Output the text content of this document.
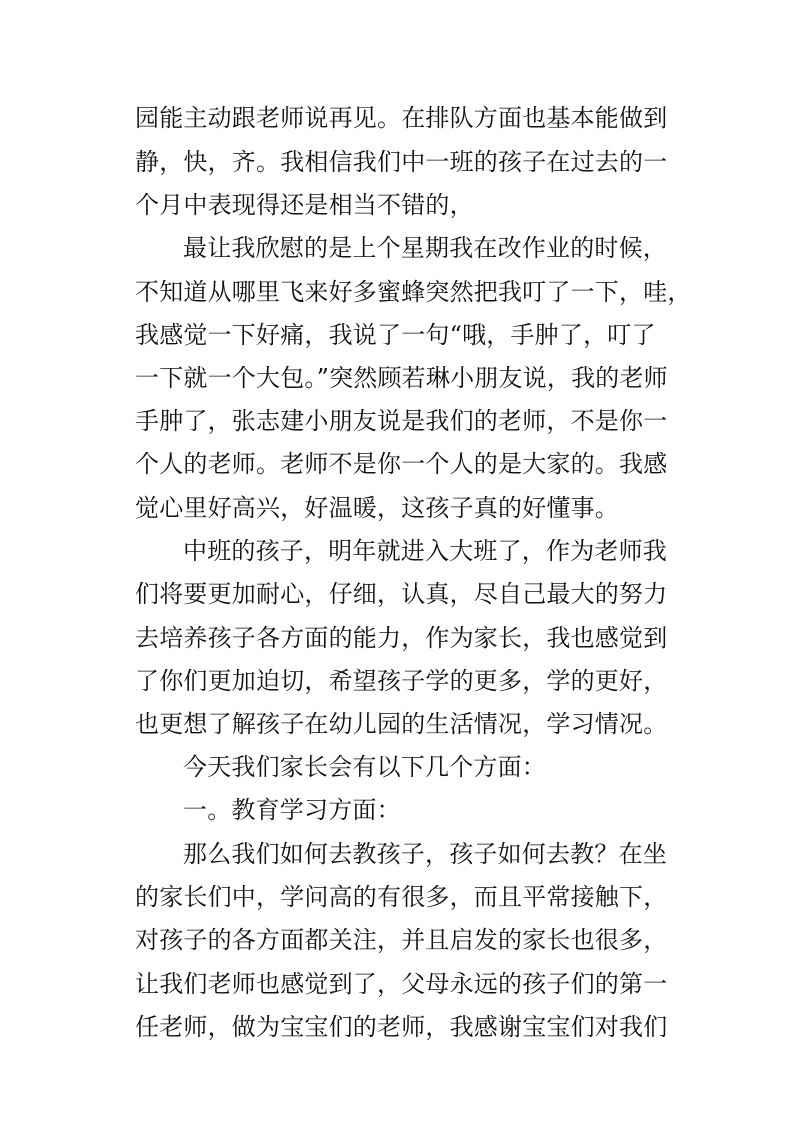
园能主动跟老师说再见。在排队方面也基本能做到

静，快，齐。我相信我们中一班的孩子在过去的一

个月中表现得还是相当不错的，

最让我欣慰的是上个星期我在改作业的时候，

不知道从哪里飞来好多蜜蜂突然把我叮了一下，哇，

我感觉一下好痛，我说了一句“哦，手肿了，叮了

一下就一个大包。”突然顾若琳小朋友说，我的老师

手肿了，张志建小朋友说是我们的老师，不是你一

个人的老师。老师不是你一个人的是大家的。我感

觉心里好高兴，好温暖，这孩子真的好懂事。

中班的孩子，明年就进入大班了，作为老师我

们将要更加耐心，仔细，认真，尽自己最大的努力

去培养孩子各方面的能力，作为家长，我也感觉到

了你们更加迫切，希望孩子学的更多，学的更好，

也更想了解孩子在幼儿园的生活情况，学习情况。

今天我们家长会有以下几个方面：

一。教育学习方面：

那么我们如何去教孩子，孩子如何去教？在坐

的家长们中，学问高的有很多，而且平常接触下，

对孩子的各方面都关注，并且启发的家长也很多，

让我们老师也感觉到了，父母永远的孩子们的第一

任老师，做为宝宝们的老师，我感谢宝宝们对我们
